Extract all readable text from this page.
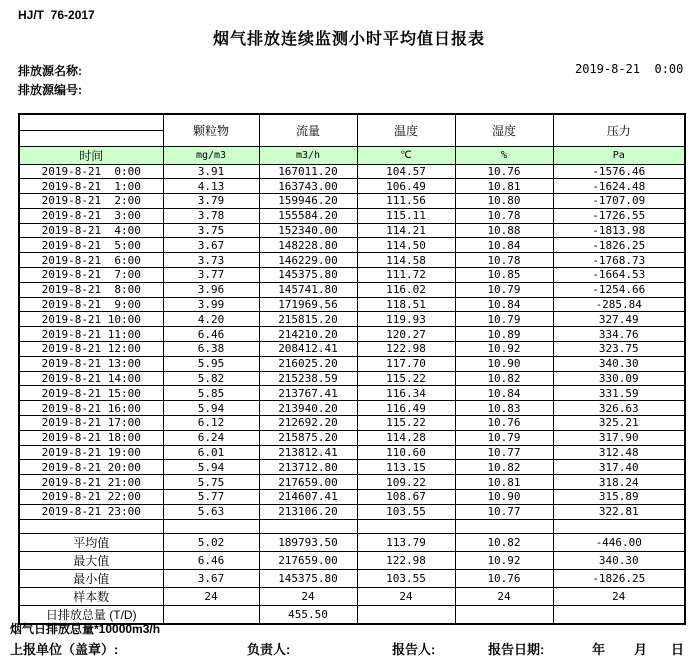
HJ/T  76-2017
烟气排放连续监测小时平均值日报表
排放源名称:	2019-8-21  0:00
排放源编号:
	颗粒物	流量	温度	湿度	压力

时间	mg/m3	m3/h	℃	%	Pa
2019-8-21  0:00	3.91	167011.20	104.57	10.76	-1576.46
2019-8-21  1:00	4.13	163743.00	106.49	10.81	-1624.48
2019-8-21  2:00	3.79	159946.20	111.56	10.80	-1707.09
2019-8-21  3:00	3.78	155584.20	115.11	10.78	-1726.55
2019-8-21  4:00	3.75	152340.00	114.21	10.88	-1813.98
2019-8-21  5:00	3.67	148228.80	114.50	10.84	-1826.25
2019-8-21  6:00	3.73	146229.00	114.58	10.78	-1768.73
2019-8-21  7:00	3.77	145375.80	111.72	10.85	-1664.53
2019-8-21  8:00	3.96	145741.80	116.02	10.79	-1254.66
2019-8-21  9:00	3.99	171969.56	118.51	10.84	-285.84
2019-8-21 10:00	4.20	215815.20	119.93	10.79	327.49
2019-8-21 11:00	6.46	214210.20	120.27	10.89	334.76
2019-8-21 12:00	6.38	208412.41	122.98	10.92	323.75
2019-8-21 13:00	5.95	216025.20	117.70	10.90	340.30
2019-8-21 14:00	5.82	215238.59	115.22	10.82	330.09
2019-8-21 15:00	5.85	213767.41	116.34	10.84	331.59
2019-8-21 16:00	5.94	213940.20	116.49	10.83	326.63
2019-8-21 17:00	6.12	212692.20	115.22	10.76	325.21
2019-8-21 18:00	6.24	215875.20	114.28	10.79	317.90
2019-8-21 19:00	6.01	213812.41	110.60	10.77	312.48
2019-8-21 20:00	5.94	213712.80	113.15	10.82	317.40
2019-8-21 21:00	5.75	217659.00	109.22	10.81	318.24
2019-8-21 22:00	5.77	214607.41	108.67	10.90	315.89
2019-8-21 23:00	5.63	213106.20	103.55	10.77	322.81

平均值	5.02	189793.50	113.79	10.82	-446.00
最大值	6.46	217659.00	122.98	10.92	340.30
最小值	3.67	145375.80	103.55	10.76	-1826.25
样本数	24	24	24	24	24
日排放总量 (T/D)		455.50			
烟气日排放总量*10000m3/h
上报单位（盖章）:	负责人:	报告人:	报告日期:	年 月 日
